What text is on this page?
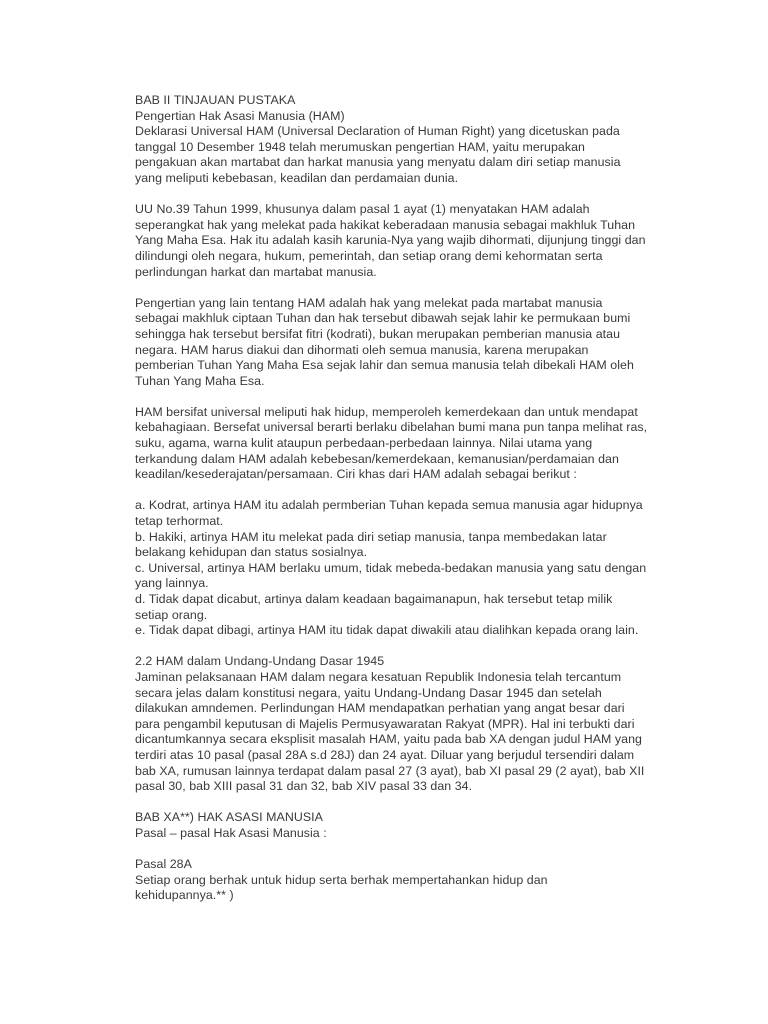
BAB II TINJAUAN PUSTAKA
Pengertian Hak Asasi Manusia (HAM)
Deklarasi Universal HAM (Universal Declaration of Human Right) yang dicetuskan pada
tanggal 10 Desember 1948 telah merumuskan pengertian HAM, yaitu merupakan
pengakuan akan martabat dan harkat manusia yang menyatu dalam diri setiap manusia
yang meliputi kebebasan, keadilan dan perdamaian dunia.
UU No.39 Tahun 1999, khusunya dalam pasal 1 ayat (1) menyatakan HAM adalah
seperangkat hak yang melekat pada hakikat keberadaan manusia sebagai makhluk Tuhan
Yang Maha Esa. Hak itu adalah kasih karunia-Nya yang wajib dihormati, dijunjung tinggi dan
dilindungi oleh negara, hukum, pemerintah, dan setiap orang demi kehormatan serta
perlindungan harkat dan martabat manusia.
Pengertian yang lain tentang HAM adalah hak yang melekat pada martabat manusia
sebagai makhluk ciptaan Tuhan dan hak tersebut dibawah sejak lahir ke permukaan bumi
sehingga hak tersebut bersifat fitri (kodrati), bukan merupakan pemberian manusia atau
negara. HAM harus diakui dan dihormati oleh semua manusia, karena merupakan
pemberian Tuhan Yang Maha Esa sejak lahir dan semua manusia telah dibekali HAM oleh
Tuhan Yang Maha Esa.
HAM bersifat universal meliputi hak hidup, memperoleh kemerdekaan dan untuk mendapat
kebahagiaan. Bersefat universal berarti berlaku dibelahan bumi mana pun tanpa melihat ras,
suku, agama, warna kulit ataupun perbedaan-perbedaan lainnya. Nilai utama yang
terkandung dalam HAM adalah kebebesan/kemerdekaan, kemanusian/perdamaian dan
keadilan/kesederajatan/persamaan. Ciri khas dari HAM adalah sebagai berikut :
a. Kodrat, artinya HAM itu adalah permberian Tuhan kepada semua manusia agar hidupnya
tetap terhormat.
b. Hakiki, artinya HAM itu melekat pada diri setiap manusia, tanpa membedakan latar
belakang kehidupan dan status sosialnya.
c. Universal, artinya HAM berlaku umum, tidak mebeda-bedakan manusia yang satu dengan
yang lainnya.
d. Tidak dapat dicabut, artinya dalam keadaan bagaimanapun, hak tersebut tetap milik
setiap orang.
e. Tidak dapat dibagi, artinya HAM itu tidak dapat diwakili atau dialihkan kepada orang lain.
2.2 HAM dalam Undang-Undang Dasar 1945
Jaminan pelaksanaan HAM dalam negara kesatuan Republik Indonesia telah tercantum
secara jelas dalam konstitusi negara, yaitu Undang-Undang Dasar 1945 dan setelah
dilakukan amndemen. Perlindungan HAM mendapatkan perhatian yang angat besar dari
para pengambil keputusan di Majelis Permusyawaratan Rakyat (MPR). Hal ini terbukti dari
dicantumkannya secara eksplisit masalah HAM, yaitu pada bab XA dengan judul HAM yang
terdiri atas 10 pasal (pasal 28A s.d 28J) dan 24 ayat. Diluar yang berjudul tersendiri dalam
bab XA, rumusan lainnya terdapat dalam pasal 27 (3 ayat), bab XI pasal 29 (2 ayat), bab XII
pasal 30, bab XIII pasal 31 dan 32, bab XIV pasal 33 dan 34.
BAB XA**) HAK ASASI MANUSIA
Pasal – pasal Hak Asasi Manusia :
Pasal 28A
Setiap orang berhak untuk hidup serta berhak mempertahankan hidup dan
kehidupannya.** )
